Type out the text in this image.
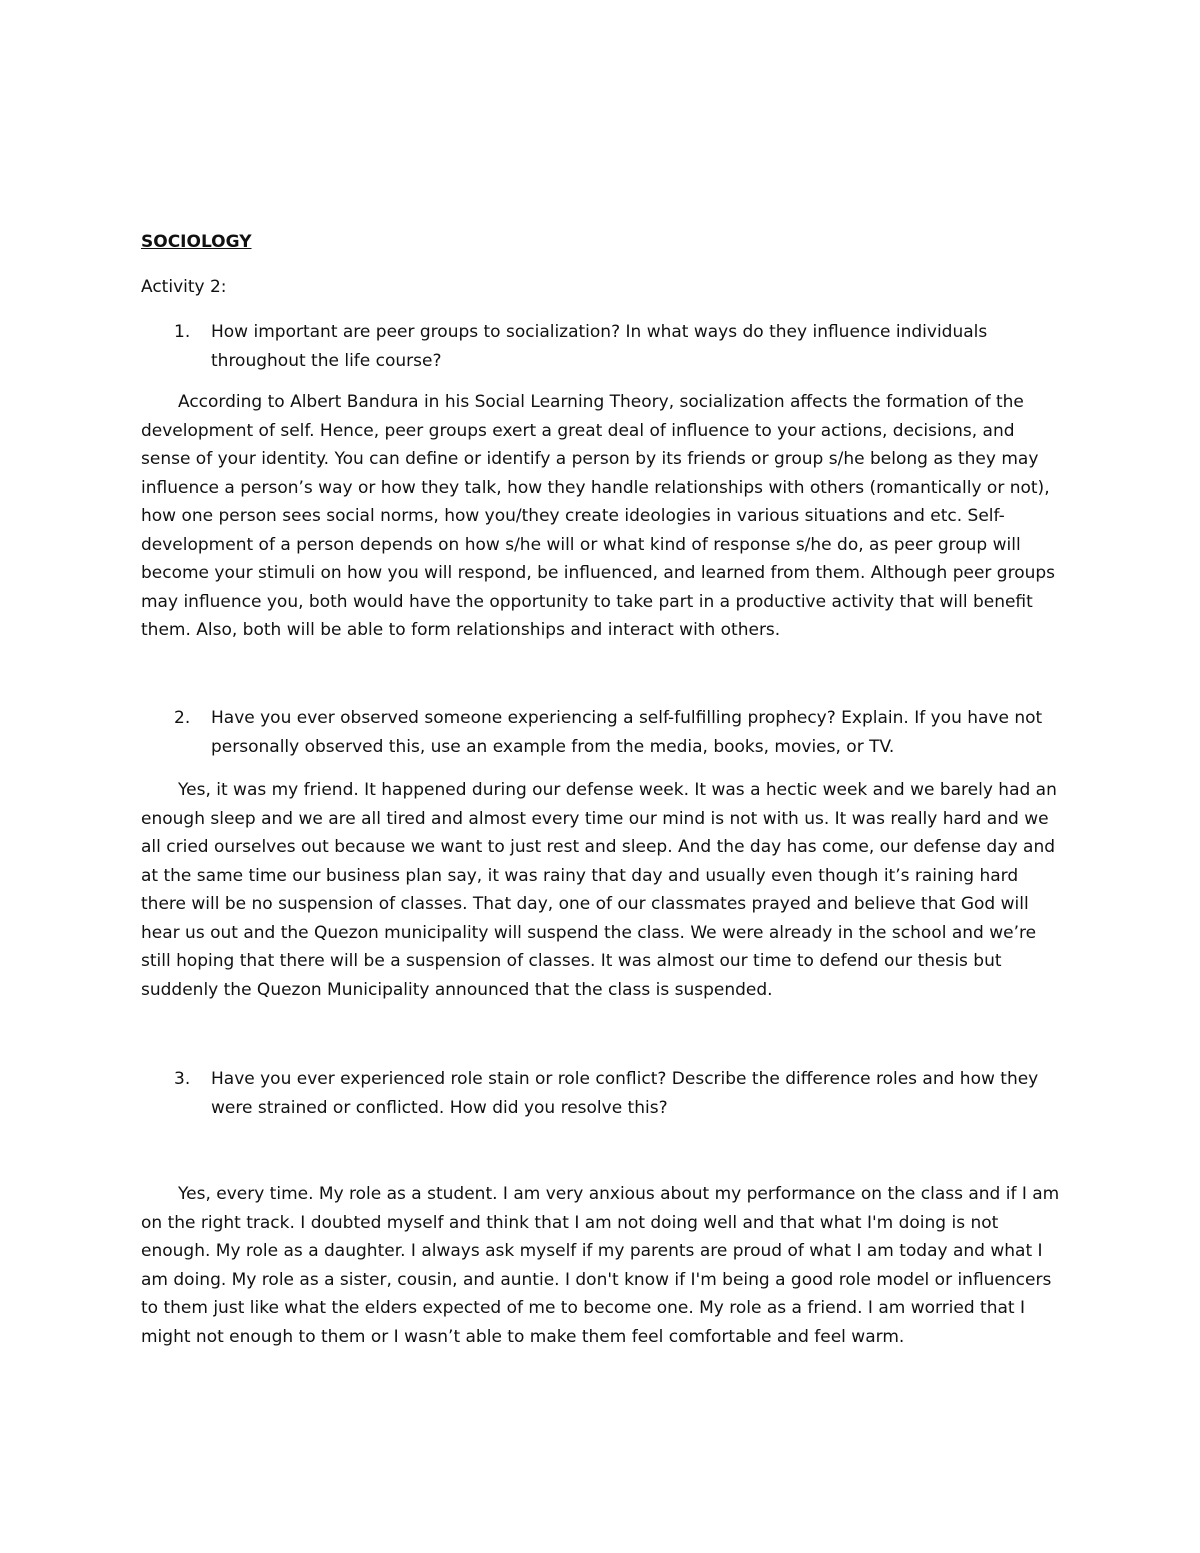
SOCIOLOGY
Activity 2:
1.	How important are peer groups to socialization? In what ways do they influence individuals throughout the life course?
According to Albert Bandura in his Social Learning Theory, socialization affects the formation of the development of self. Hence, peer groups exert a great deal of influence to your actions, decisions, and sense of your identity. You can define or identify a person by its friends or group s/he belong as they may influence a person’s way or how they talk, how they handle relationships with others (romantically or not), how one person sees social norms, how you/they create ideologies in various situations and etc. Self-development of a person depends on how s/he will or what kind of response s/he do, as peer group will become your stimuli on how you will respond, be influenced, and learned from them. Although peer groups may influence you, both would have the opportunity to take part in a productive activity that will benefit them. Also, both will be able to form relationships and interact with others.
2.	Have you ever observed someone experiencing a self-fulfilling prophecy? Explain. If you have not personally observed this, use an example from the media, books, movies, or TV.
Yes, it was my friend. It happened during our defense week. It was a hectic week and we barely had an enough sleep and we are all tired and almost every time our mind is not with us. It was really hard and we all cried ourselves out because we want to just rest and sleep. And the day has come, our defense day and at the same time our business plan say, it was rainy that day and usually even though it’s raining hard there will be no suspension of classes. That day, one of our classmates prayed and believe that God will hear us out and the Quezon municipality will suspend the class. We were already in the school and we’re still hoping that there will be a suspension of classes. It was almost our time to defend our thesis but suddenly the Quezon Municipality announced that the class is suspended.
3.	Have you ever experienced role stain or role conflict? Describe the difference roles and how they were strained or conflicted. How did you resolve this?
Yes, every time. My role as a student. I am very anxious about my performance on the class and if I am on the right track. I doubted myself and think that I am not doing well and that what I'm doing is not enough. My role as a daughter. I always ask myself if my parents are proud of what I am today and what I am doing. My role as a sister, cousin, and auntie. I don't know if I'm being a good role model or influencers to them just like what the elders expected of me to become one. My role as a friend. I am worried that I might not enough to them or I wasn’t able to make them feel comfortable and feel warm.
